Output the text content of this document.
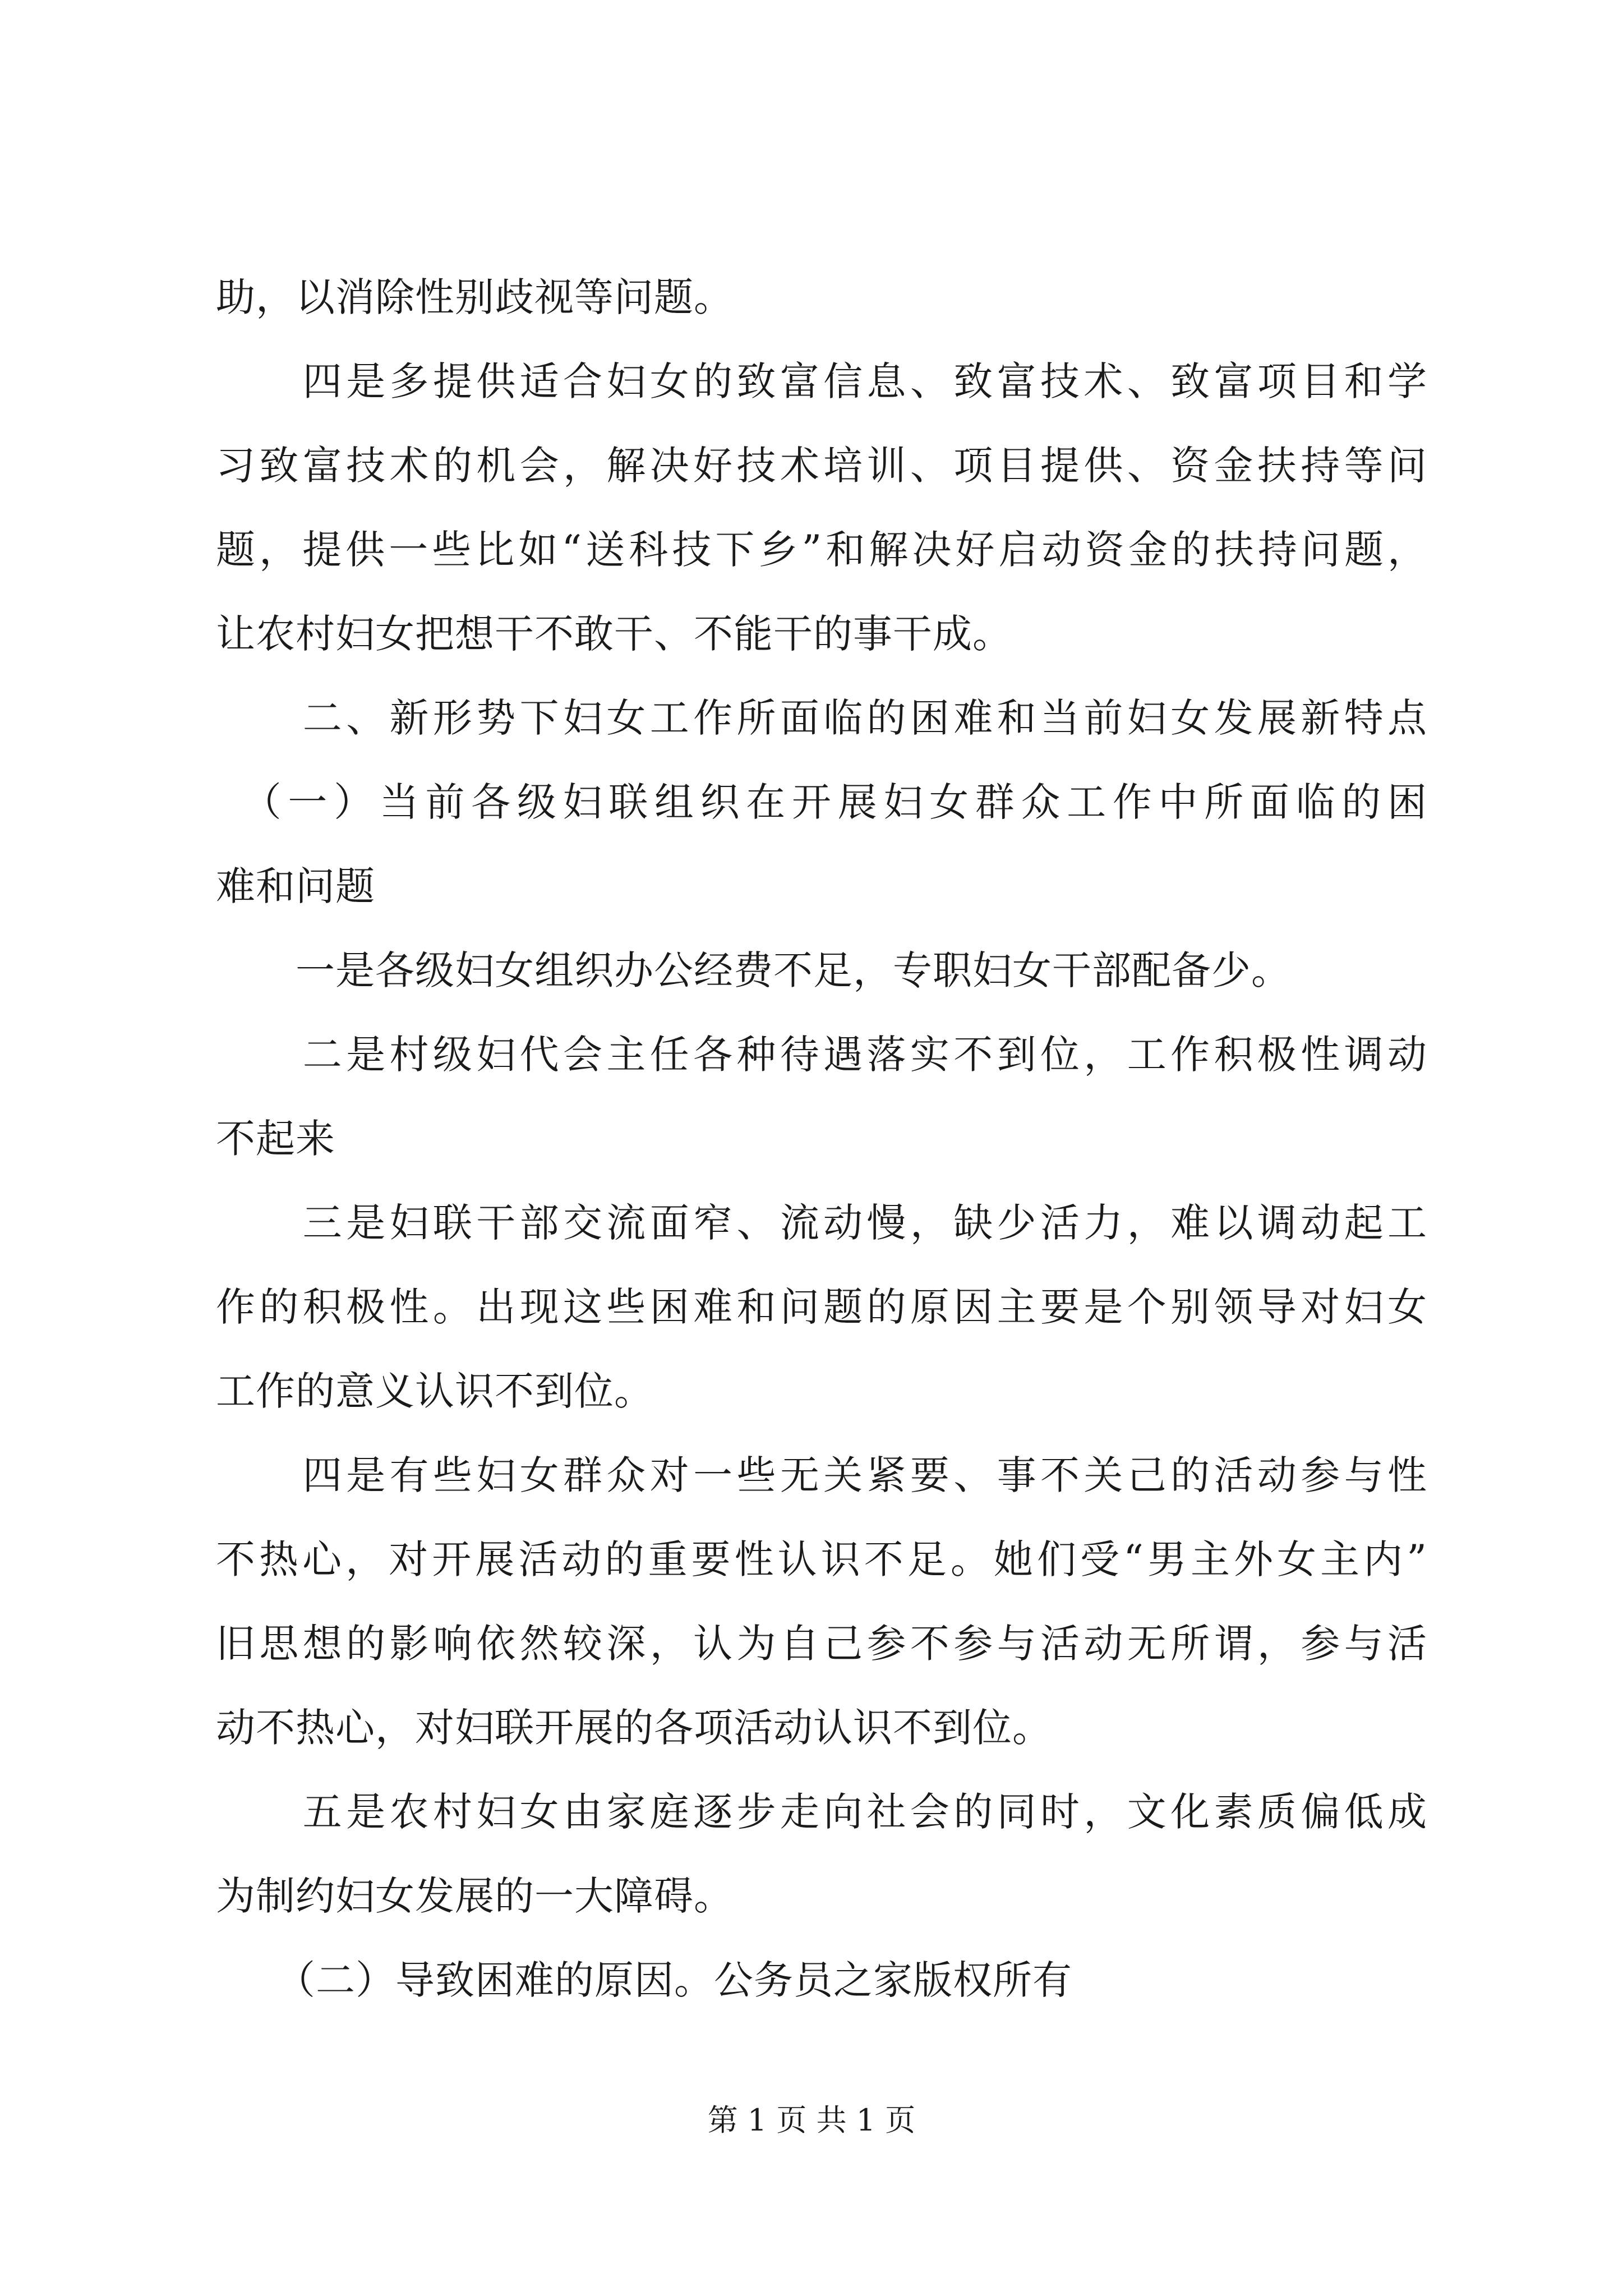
助，以消除性别歧视等问题。
　　四是多提供适合妇女的致富信息、致富技术、致富项目和学
习致富技术的机会，解决好技术培训、项目提供、资金扶持等问
题，提供一些比如“送科技下乡”和解决好启动资金的扶持问题，
让农村妇女把想干不敢干、不能干的事干成。
　　二、新形势下妇女工作所面临的困难和当前妇女发展新特点
　（一）当前各级妇联组织在开展妇女群众工作中所面临的困
难和问题
　　一是各级妇女组织办公经费不足，专职妇女干部配备少。
　　二是村级妇代会主任各种待遇落实不到位，工作积极性调动
不起来
　　三是妇联干部交流面窄、流动慢，缺少活力，难以调动起工
作的积极性。出现这些困难和问题的原因主要是个别领导对妇女
工作的意义认识不到位。
　　四是有些妇女群众对一些无关紧要、事不关己的活动参与性
不热心，对开展活动的重要性认识不足。她们受“男主外女主内”
旧思想的影响依然较深，认为自己参不参与活动无所谓，参与活
动不热心，对妇联开展的各项活动认识不到位。
　　五是农村妇女由家庭逐步走向社会的同时，文化素质偏低成
为制约妇女发展的一大障碍。
　　（二）导致困难的原因。公务员之家版权所有
第 1 页 共 1 页
